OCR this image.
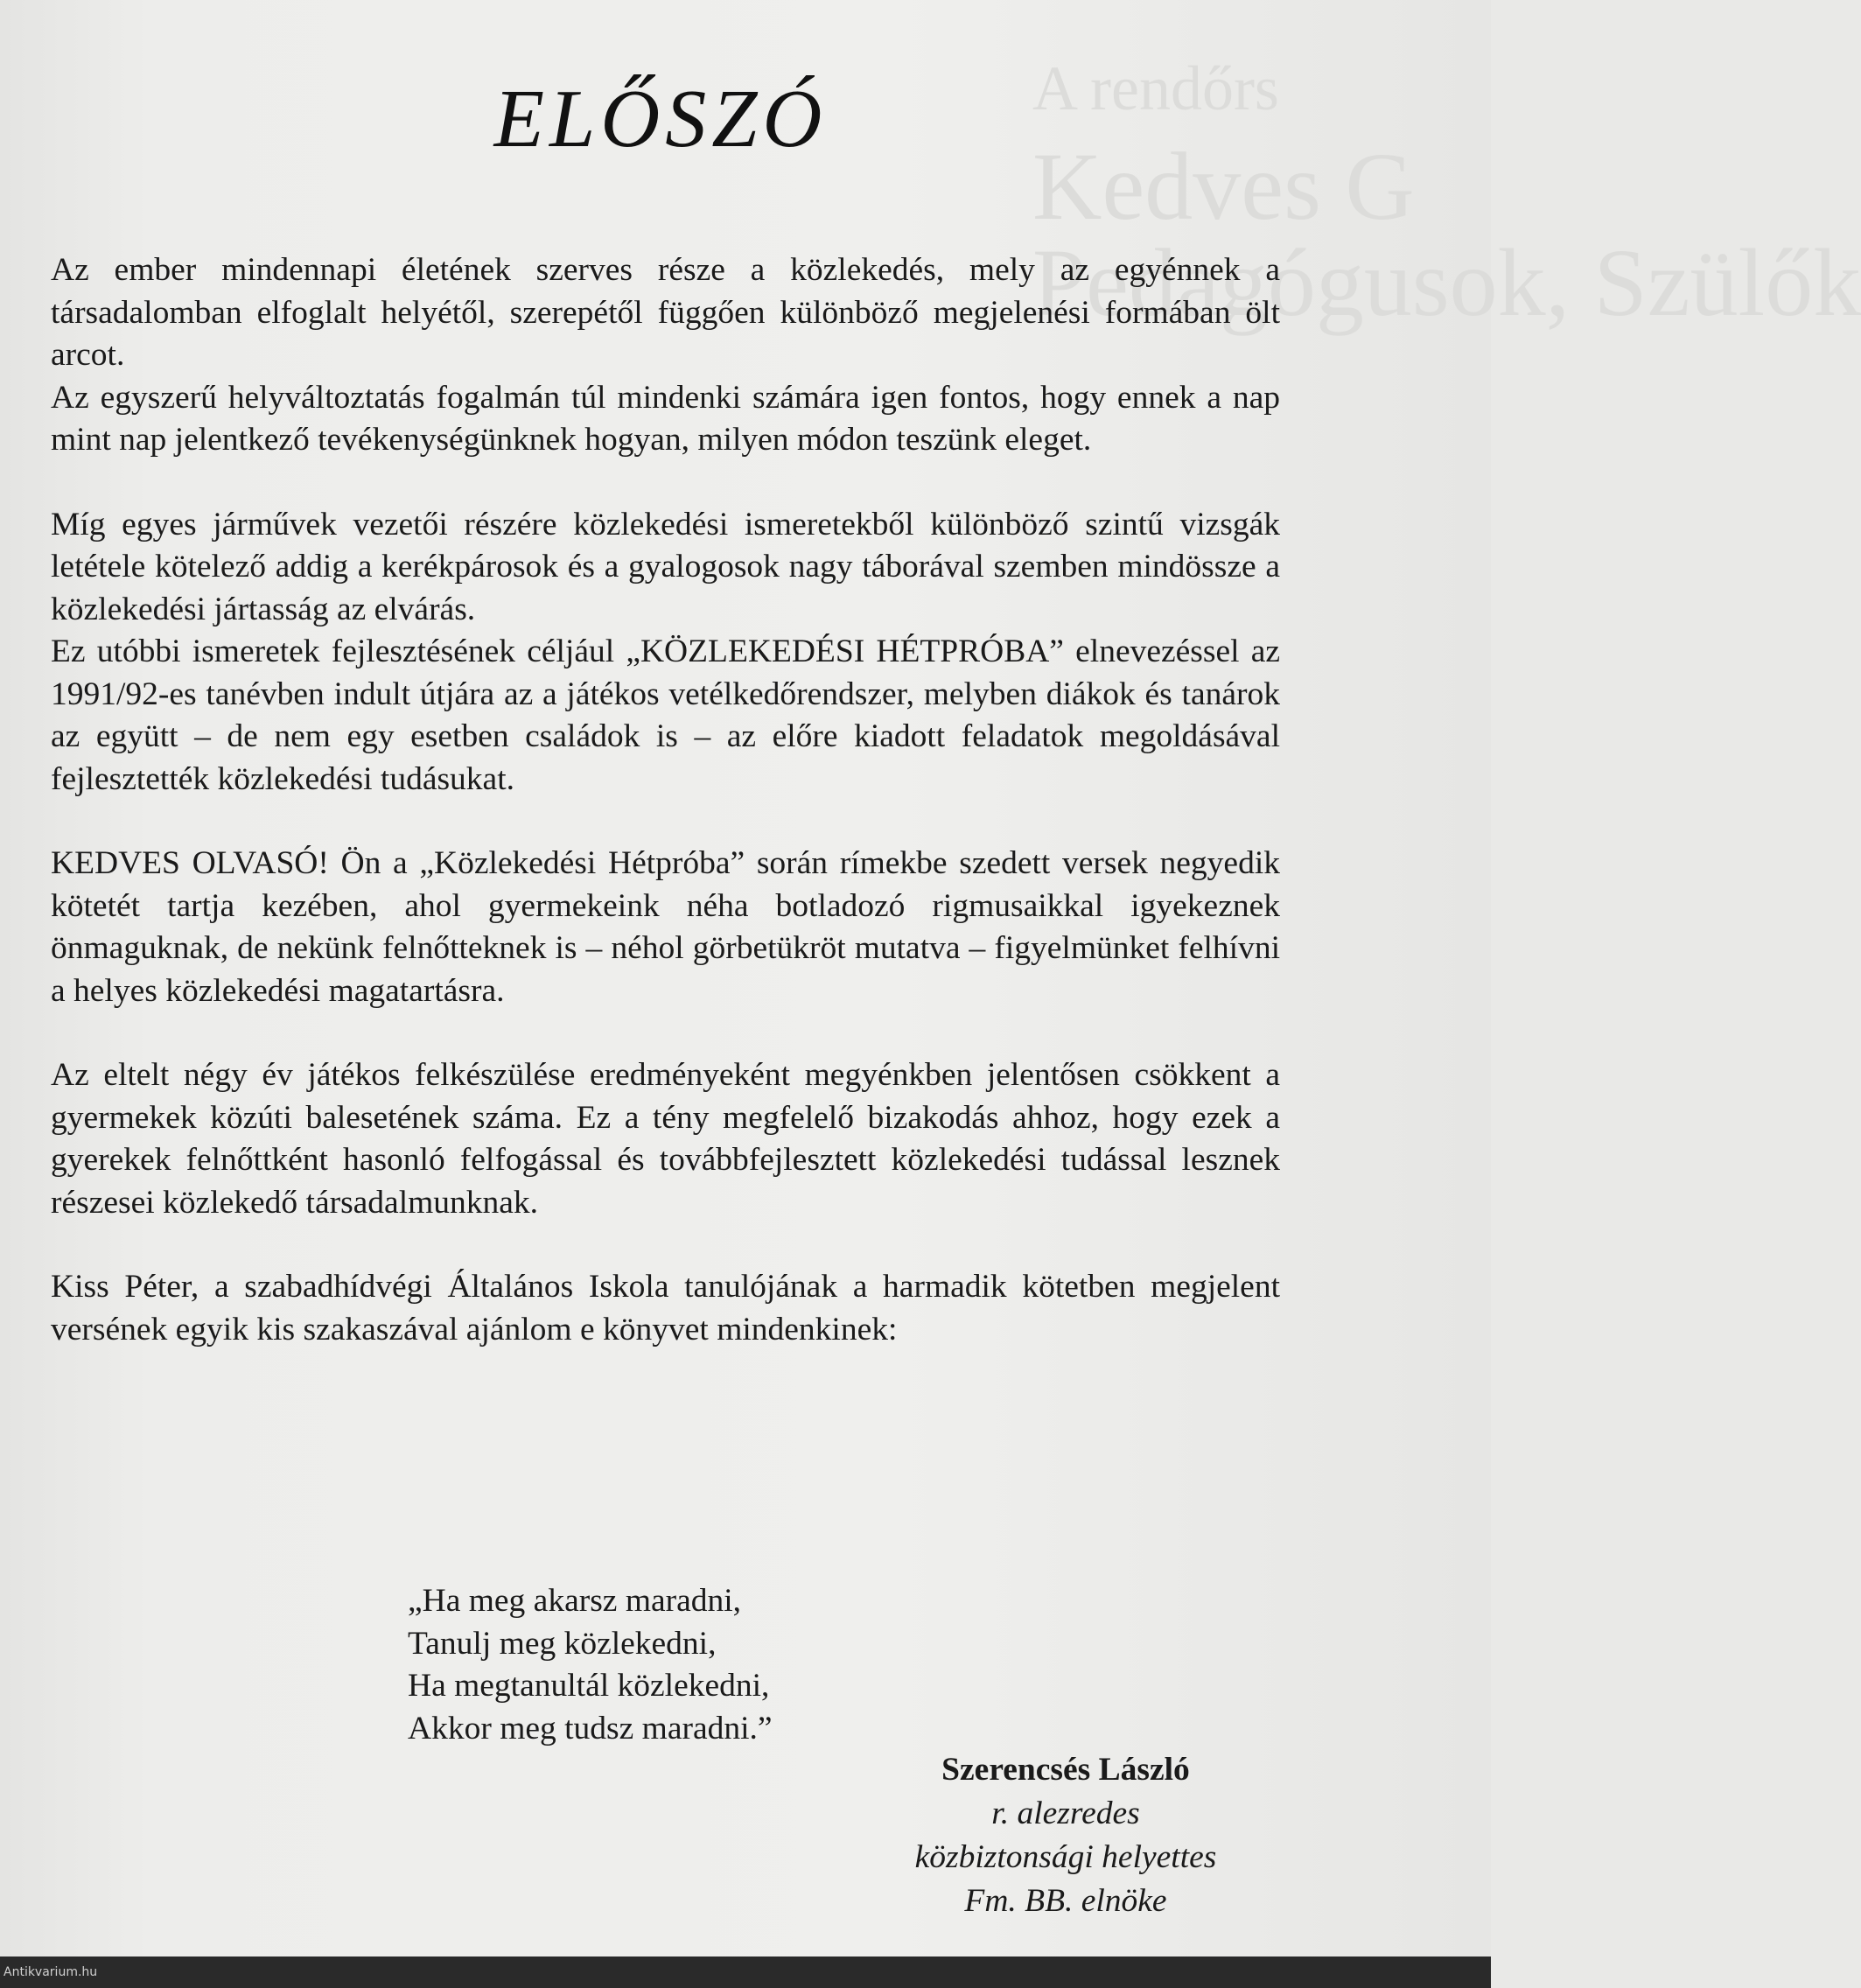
A rendőrs
Kedves G
Pedagógusok, Szülők
ELŐSZÓ

Az ember mindennapi életének szerves része a közlekedés, mely az egyénnek a társadalomban elfoglalt helyétől, szerepétől függően különböző megjelenési formában ölt arcot.

Az egyszerű helyváltoztatás fogalmán túl mindenki számára igen fontos, hogy ennek a nap mint nap jelentkező tevékenységünknek hogyan, milyen módon teszünk eleget.

Míg egyes járművek vezetői részére közlekedési ismeretekből különböző szintű vizsgák letétele kötelező addig a kerékpárosok és a gyalogosok nagy táborával szemben mindössze a közlekedési jártasság az elvárás.

Ez utóbbi ismeretek fejlesztésének céljául „KÖZLEKEDÉSI HÉTPRÓBA” elnevezéssel az 1991/92-es tanévben indult útjára az a játékos vetélkedőrendszer, melyben diákok és tanárok az együtt – de nem egy esetben családok is – az előre kiadott feladatok megoldásával fejlesztették közlekedési tudásukat.

KEDVES OLVASÓ! Ön a „Közlekedési Hétpróba” során rímekbe szedett versek negyedik kötetét tartja kezében, ahol gyermekeink néha botladozó rigmusaikkal igyekeznek önmaguknak, de nekünk felnőtteknek is – néhol görbetükröt mutatva – figyelmünket felhívni a helyes közlekedési magatartásra.

Az eltelt négy év játékos felkészülése eredményeként megyénkben jelentősen csökkent a gyermekek közúti balesetének száma. Ez a tény megfelelő bizakodás ahhoz, hogy ezek a gyerekek felnőttként hasonló felfogással és továbbfejlesztett közlekedési tudással lesznek részesei közlekedő társadalmunknak.

Kiss Péter, a szabadhídvégi Általános Iskola tanulójának a harmadik kötetben megjelent versének egyik kis szakaszával ajánlom e könyvet mindenkinek:

„Ha meg akarsz maradni,
Tanulj meg közlekedni,
Ha megtanultál közlekedni,
Akkor meg tudsz maradni.”
Szerencsés László
r. alezredes
közbiztonsági helyettes
Fm. BB. elnöke
Antikvarium.hu
